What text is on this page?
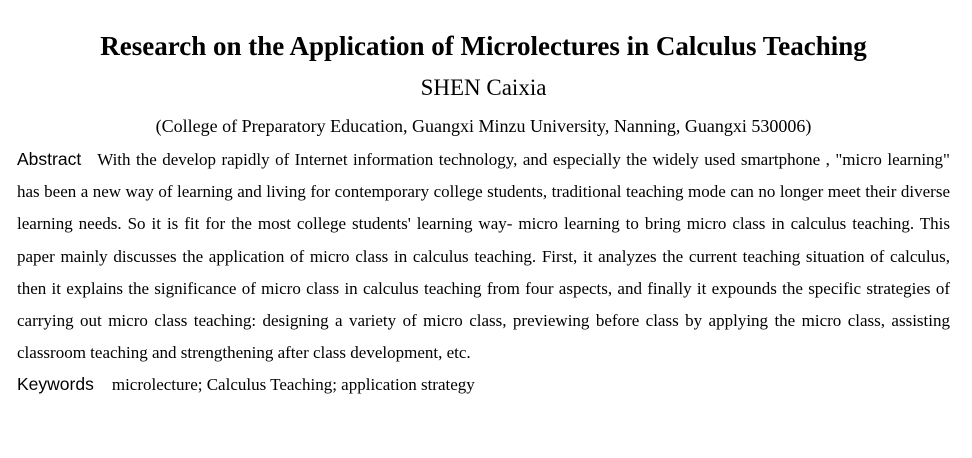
Research on the Application of Microlectures in Calculus Teaching
SHEN Caixia
(College of Preparatory Education, Guangxi Minzu University, Nanning, Guangxi 530006)
Abstract With the develop rapidly of Internet information technology, and especially the widely used smartphone , "micro learning" has been a new way of learning and living for contemporary college students, traditional teaching mode can no longer meet their diverse learning needs. So it is fit for the most college students' learning way- micro learning to bring micro class in calculus teaching. This paper mainly discusses the application of micro class in calculus teaching. First, it analyzes the current teaching situation of calculus, then it explains the significance of micro class in calculus teaching from four aspects, and finally it expounds the specific strategies of carrying out micro class teaching: designing a variety of micro class, previewing before class by applying the micro class, assisting classroom teaching and strengthening after class development, etc.
Keywords microlecture; Calculus Teaching; application strategy
